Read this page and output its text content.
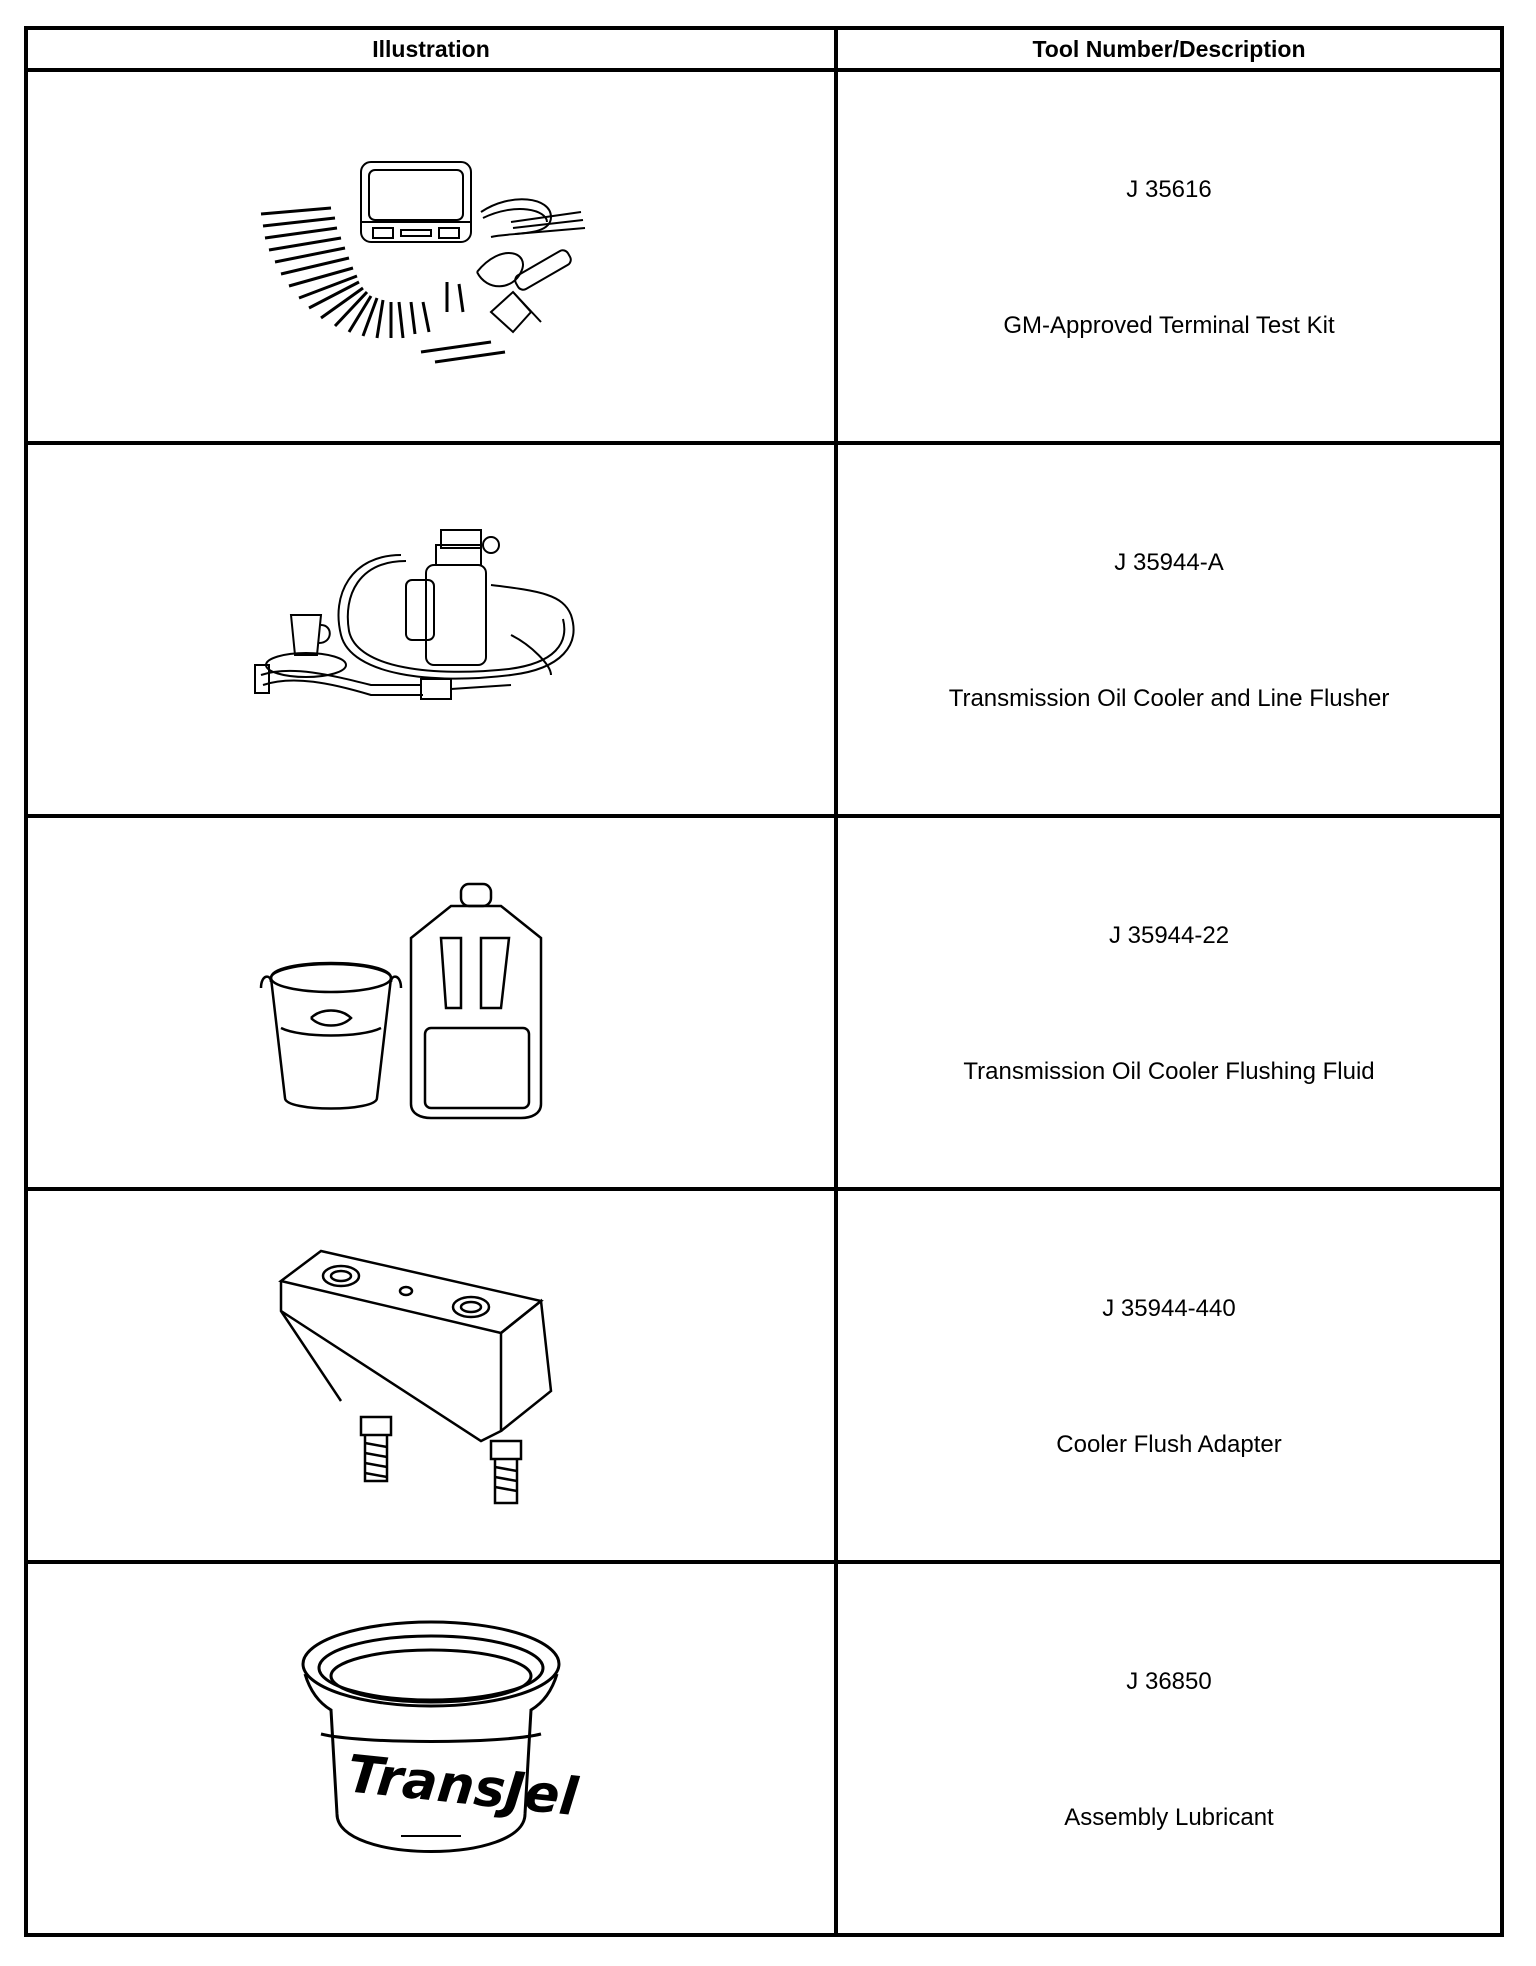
Illustration	Tool Number/Description

J 35616
GM-Approved Terminal Test Kit

J 35944-A
Transmission Oil Cooler and Line Flusher

J 35944-22
Transmission Oil Cooler Flushing Fluid

J 35944-440
Cooler Flush Adapter

TransJel	J 36850
Assembly Lubricant
